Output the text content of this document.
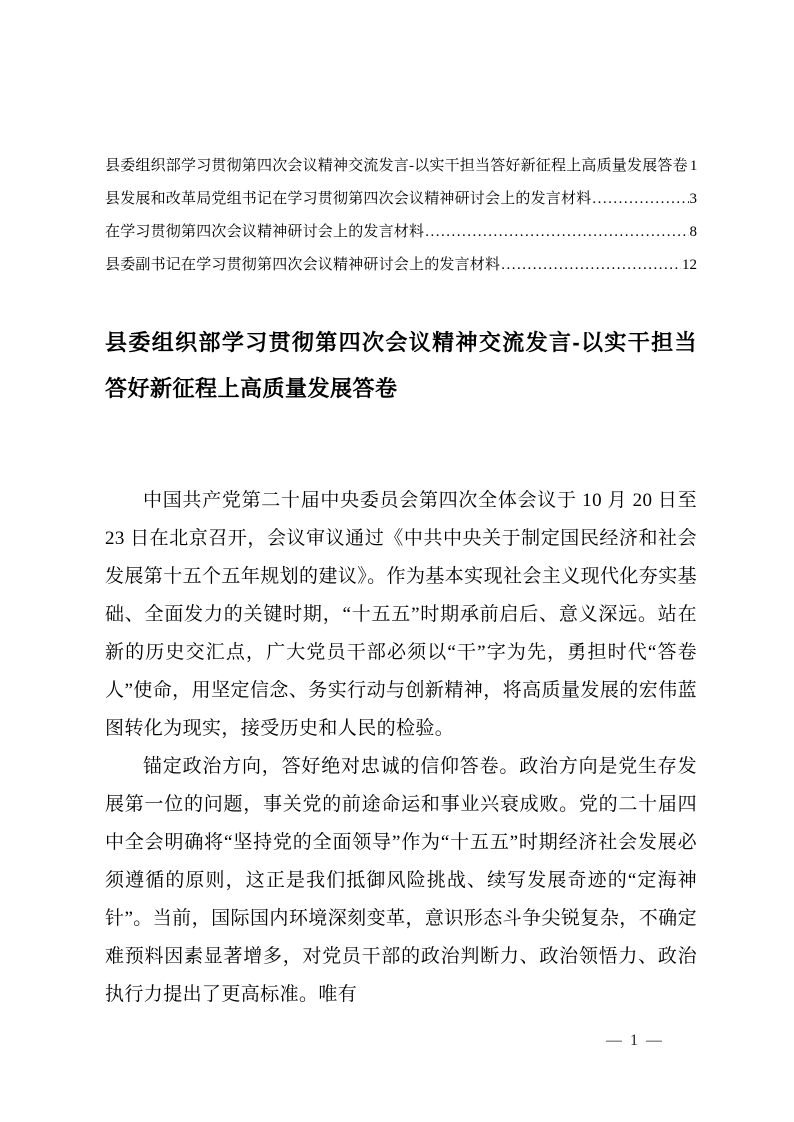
县委组织部学习贯彻第四次会议精神交流发言-以实干担当答好新征程上高质量发展答卷 1
县发展和改革局党组书记在学习贯彻第四次会议精神研讨会上的发言材料 .....	3
在学习贯彻第四次会议精神研讨会上的发言材料 .....	8
县委副书记在学习贯彻第四次会议精神研讨会上的发言材料 .....	12
县委组织部学习贯彻第四次会议精神交流发言-以实干担当答好新征程上高质量发展答卷

中国共产党第二十届中央委员会第四次全体会议于 10 月 20 日至 23 日在北京召开，会议审议通过《中共中央关于制定国民经济和社会发展第十五个五年规划的建议》。作为基本实现社会主义现代化夯实基础、全面发力的关键时期，“十五五”时期承前启后、意义深远。站在新的历史交汇点，广大党员干部必须以“干”字为先，勇担时代“答卷人”使命，用坚定信念、务实行动与创新精神，将高质量发展的宏伟蓝图转化为现实，接受历史和人民的检验。

锚定政治方向，答好绝对忠诚的信仰答卷。政治方向是党生存发展第一位的问题，事关党的前途命运和事业兴衰成败。党的二十届四中全会明确将“坚持党的全面领导”作为“十五五”时期经济社会发展必须遵循的原则，这正是我们抵御风险挑战、续写发展奇迹的“定海神针”。当前，国际国内环境深刻变革，意识形态斗争尖锐复杂，不确定难预料因素显著增多，对党员干部的政治判断力、政治领悟力、政治执行力提出了更高标准。唯有

— 1 —
